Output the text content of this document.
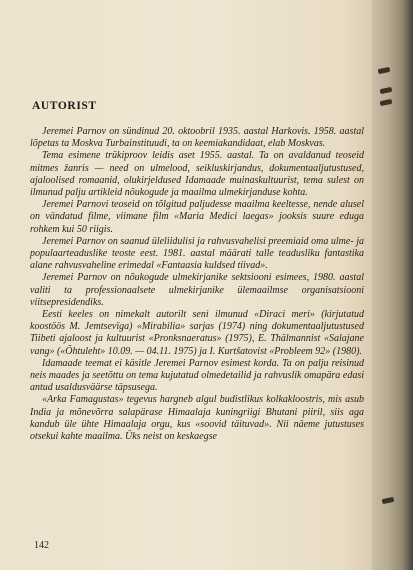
AUTORIST

Jeremei Parnov on sündinud 20. oktoobril 1935. aastal Harkovis. 1958. aastal lõpetas ta Moskva Turbainstituudi, ta on keemiakandidaat, elab Moskvas.

Tema esimene trükiproov leidis aset 1955. aastal. Ta on avaldanud teoseid mitmes žanris — need on ulmelood, seikluskirjandus, dokumentaaljutustused, ajaloolised romaanid, olukirjeldused Idamaade muinaskultuurist, tema sulest on ilmunud palju artikleid nõukogude ja maailma ulmekirjanduse kohta.

Jeremei Parnovi teoseid on tõlgitud paljudesse maailma keeltesse, nende alusel on vändatud filme, viimane film «Maria Medici laegas» jooksis suure eduga rohkem kui 50 riigis.

Jeremei Parnov on saanud üleliidulisi ja rahvusvahelisi preemiaid oma ulme- ja populaarteaduslike teoste eest. 1981. aastal määrati talle teadusliku fantastika alane rahvusvaheline erimedal «Fantaasia kuldsed tiivad».

Jeremei Parnov on nõukogude ulmekirjanike sektsiooni esimees, 1980. aastal valiti ta professionaalsete ulmekirjanike ülemaailmse organisatsiooni viitsepresidendiks.

Eesti keeles on nimekalt autorilt seni ilmunud «Diraci meri» (kirjutatud koostöös M. Jemtsevïga) «Mirabilia» sarjas (1974) ning dokumentaaljutustused Tiibeti ajaloost ja kultuurist «Pronksnaeratus» (1975), E. Thälmannist «Salajane vang» («Õhtuleht» 10.09. — 04.11. 1975) ja I. Kurtšatovist «Probleem 92» (1980).

Idamaade teemat ei käsitle Jeremei Parnov esimest korda. Ta on palju reisinud neis maades ja seetõttu on tema kujutatud olmedetailid ja rahvuslik omapära edasi antud usaldusväärse täpsusega.

«Arka Famagustas» tegevus hargneb algul budistlikus kolkakloostris, mis asub India ja mõnevõrra salapärase Himaalaja kuningriigi Bhutani piiril, siis aga kandub üle ühte Himaalaja orgu, kus «soovid täituvad». Nii näeme jutustuses otsekui kahte maailma. Üks neist on keskaegse

142
